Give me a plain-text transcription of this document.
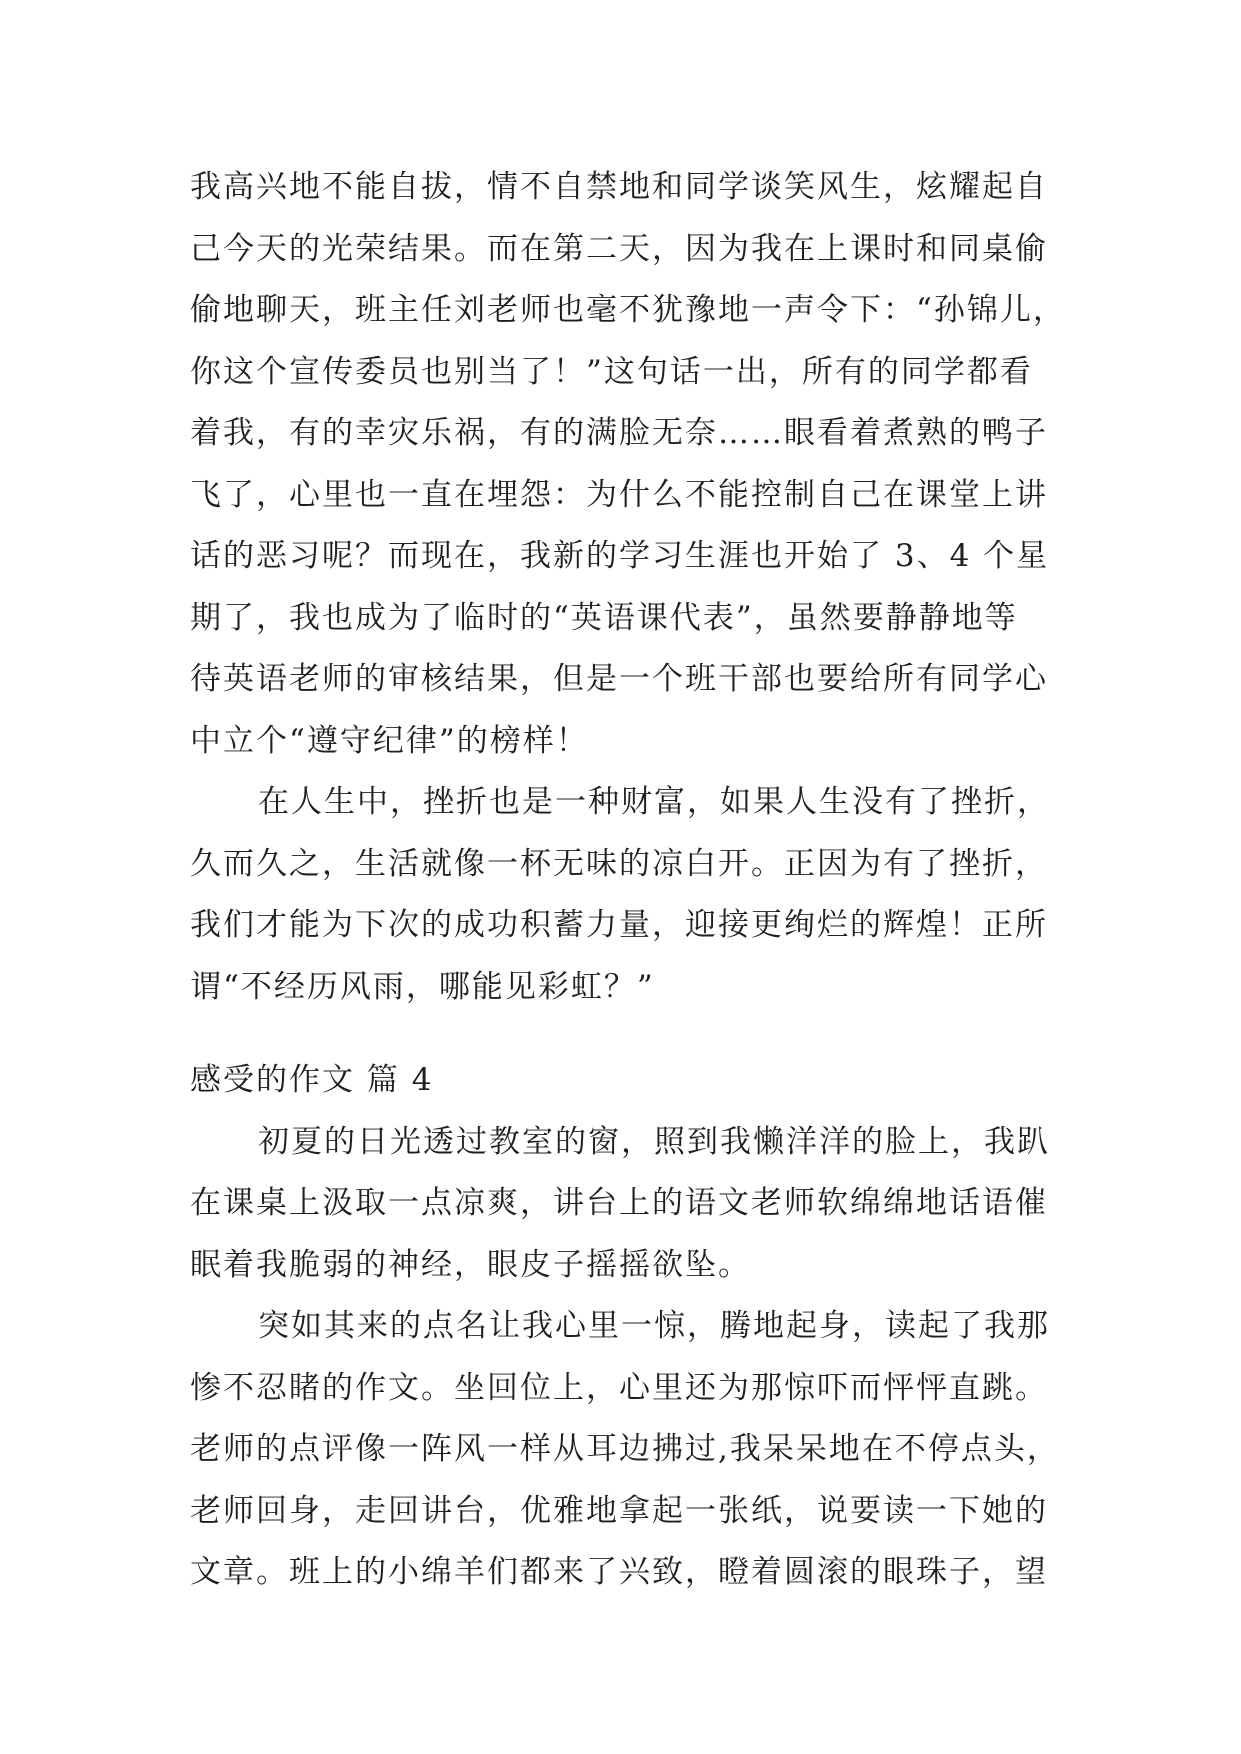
我高兴地不能自拔，情不自禁地和同学谈笑风生，炫耀起自
己今天的光荣结果。而在第二天，因为我在上课时和同桌偷
偷地聊天，班主任刘老师也毫不犹豫地一声令下：“孙锦儿，
你这个宣传委员也别当了！”这句话一出，所有的同学都看
着我，有的幸灾乐祸，有的满脸无奈……眼看着煮熟的鸭子
飞了，心里也一直在埋怨：为什么不能控制自己在课堂上讲
话的恶习呢？而现在，我新的学习生涯也开始了 3、4 个星
期了，我也成为了临时的“英语课代表”，虽然要静静地等
待英语老师的审核结果，但是一个班干部也要给所有同学心
中立个“遵守纪律”的榜样！
在人生中，挫折也是一种财富，如果人生没有了挫折，
久而久之，生活就像一杯无味的凉白开。正因为有了挫折，
我们才能为下次的成功积蓄力量，迎接更绚烂的辉煌！正所
谓“不经历风雨，哪能见彩虹？”
感受的作文 篇 4
初夏的日光透过教室的窗，照到我懒洋洋的脸上，我趴
在课桌上汲取一点凉爽，讲台上的语文老师软绵绵地话语催
眠着我脆弱的神经，眼皮子摇摇欲坠。
突如其来的点名让我心里一惊，腾地起身，读起了我那
惨不忍睹的作文。坐回位上，心里还为那惊吓而怦怦直跳。
老师的点评像一阵风一样从耳边拂过,我呆呆地在不停点头，
老师回身，走回讲台，优雅地拿起一张纸，说要读一下她的
文章。班上的小绵羊们都来了兴致，瞪着圆滚的眼珠子，望
